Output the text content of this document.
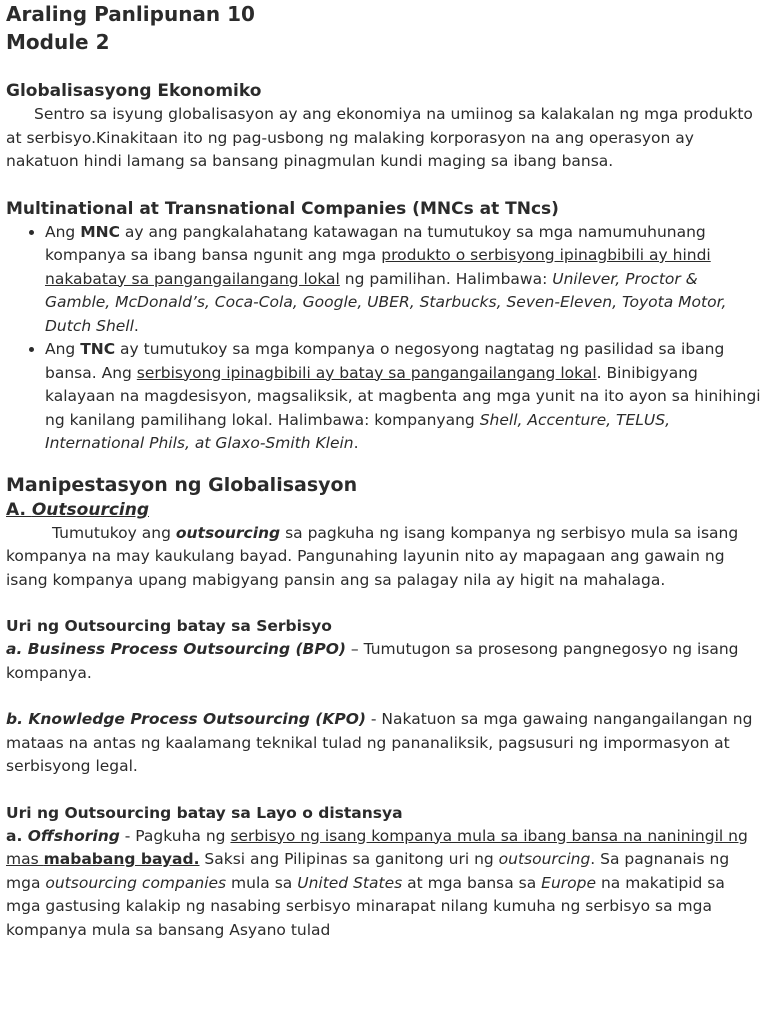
Araling Panlipunan 10
Module 2
Globalisasyong Ekonomiko

Sentro sa isyung globalisasyon ay ang ekonomiya na umiinog sa kalakalan ng mga produkto at serbisyo.Kinakitaan ito ng pag-usbong ng malaking korporasyon na ang operasyon ay nakatuon hindi lamang sa bansang pinagmulan kundi maging sa ibang bansa.

Multinational at Transnational Companies (MNCs at TNcs)
• Ang MNC ay ang pangkalahatang katawagan na tumutukoy sa mga namumuhunang kompanya sa ibang bansa ngunit ang mga produkto o serbisyong ipinagbibili ay hindi nakabatay sa pangangailangang lokal ng pamilihan. Halimbawa: Unilever, Proctor & Gamble, McDonald’s, Coca-Cola, Google, UBER, Starbucks, Seven-Eleven, Toyota Motor, Dutch Shell.
• Ang TNC ay tumutukoy sa mga kompanya o negosyong nagtatag ng pasilidad sa ibang bansa. Ang serbisyong ipinagbibili ay batay sa pangangailangang lokal. Binibigyang kalayaan na magdesisyon, magsaliksik, at magbenta ang mga yunit na ito ayon sa hinihingi ng kanilang pamilihang lokal. Halimbawa: kompanyang Shell, Accenture, TELUS, International Phils, at Glaxo-Smith Klein.
Manipestasyon ng Globalisasyon
A. Outsourcing

Tumutukoy ang outsourcing sa pagkuha ng isang kompanya ng serbisyo mula sa isang kompanya na may kaukulang bayad. Pangunahing layunin nito ay mapagaan ang gawain ng isang kompanya upang mabigyang pansin ang sa palagay nila ay higit na mahalaga.

Uri ng Outsourcing batay sa Serbisyo

a. Business Process Outsourcing (BPO) – Tumutugon sa prosesong pangnegosyo ng isang kompanya.

b. Knowledge Process Outsourcing (KPO) - Nakatuon sa mga gawaing nangangailangan ng mataas na antas ng kaalamang teknikal tulad ng pananaliksik, pagsusuri ng impormasyon at serbisyong legal.

Uri ng Outsourcing batay sa Layo o distansya

a. Offshoring - Pagkuha ng serbisyo ng isang kompanya mula sa ibang bansa na naniningil ng mas mababang bayad. Saksi ang Pilipinas sa ganitong uri ng outsourcing. Sa pagnanais ng mga outsourcing companies mula sa United States at mga bansa sa Europe na makatipid sa mga gastusing kalakip ng nasabing serbisyo minarapat nilang kumuha ng serbisyo sa mga kompanya mula sa bansang Asyano tulad
